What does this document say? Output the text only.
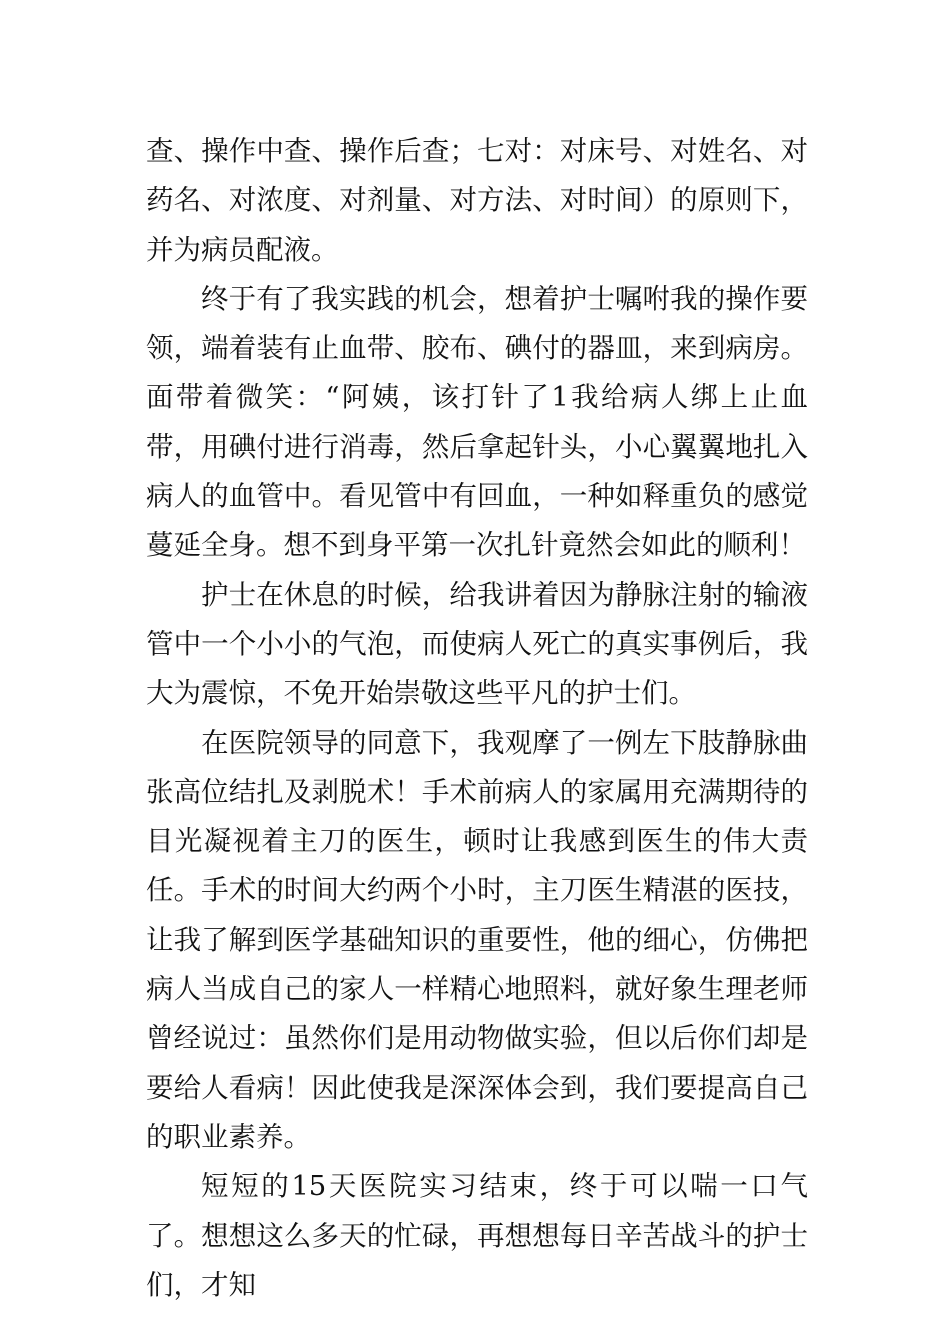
查、操作中查、操作后查；七对：对床号、对姓名、对药名、对浓度、对剂量、对方法、对时间）的原则下，并为病员配液。

终于有了我实践的机会，想着护士嘱咐我的操作要领，端着装有止血带、胶布、碘付的器皿，来到病房。面带着微笑：“阿姨，该打针了1我给病人绑上止血带，用碘付进行消毒，然后拿起针头，小心翼翼地扎入病人的血管中。看见管中有回血，一种如释重负的感觉蔓延全身。想不到身平第一次扎针竟然会如此的顺利！

护士在休息的时候，给我讲着因为静脉注射的输液管中一个小小的气泡，而使病人死亡的真实事例后，我大为震惊，不免开始崇敬这些平凡的护士们。

在医院领导的同意下，我观摩了一例左下肢静脉曲张高位结扎及剥脱术！手术前病人的家属用充满期待的目光凝视着主刀的医生，顿时让我感到医生的伟大责任。手术的时间大约两个小时，主刀医生精湛的医技，让我了解到医学基础知识的重要性，他的细心，仿佛把病人当成自己的家人一样精心地照料，就好象生理老师曾经说过：虽然你们是用动物做实验，但以后你们却是要给人看病！因此使我是深深体会到，我们要提高自己的职业素养。

短短的15天医院实习结束，终于可以喘一口气了。想想这么多天的忙碌，再想想每日辛苦战斗的护士们，才知
